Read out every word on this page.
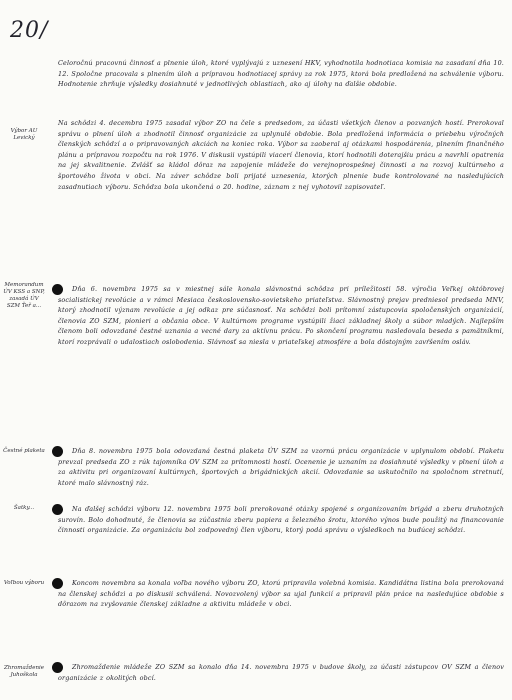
20/
Celoročnú pracovnú činnosť a plnenie úloh, ktoré vyplývajú z uznesení HKV, vyhodnotila hodnotiaca komisia na zasadaní dňa 10. 12. Spoločne pracovala s plnením úloh a prípravou hodnotiacej správy za rok 1975, ktorá bola predložená na schválenie výboru. Hodnotenie zhrňuje výsledky dosiahnuté v jednotlivých oblastiach, ako aj úlohy na ďalšie obdobie.
Výbor AU Levický
Na schôdzi 4. decembra 1975 zasadal výbor ZO na čele s predsedom, za účasti všetkých členov a pozvaných hostí. Prerokoval správu o plnení úloh a zhodnotil činnosť organizácie za uplynulé obdobie. Bola predložená informácia o priebehu výročných členských schôdzí a o pripravovaných akciách na koniec roka. Výbor sa zaoberal aj otázkami hospodárenia, plnením finančného plánu a prípravou rozpočtu na rok 1976. V diskusii vystúpili viacerí členovia, ktorí hodnotili doterajšiu prácu a navrhli opatrenia na jej skvalitnenie. Zvlášť sa kládol dôraz na zapojenie mládeže do verejnoprospešnej činnosti a na rozvoj kultúrneho a športového života v obci. Na záver schôdze boli prijaté uznesenia, ktorých plnenie bude kontrolované na nasledujúcich zasadnutiach výboru. Schôdza bola ukončená o 20. hodine, záznam z nej vyhotovil zapisovateľ.
Memorandum ÚV KSS a SNP, zasadá ÚV SZM Ťeř a...
Dňa 6. novembra 1975 sa v miestnej sále konala slávnostná schôdza pri príležitosti 58. výročia Veľkej októbrovej socialistickej revolúcie a v rámci Mesiaca československo-sovietskeho priateľstva. Slávnostný prejav predniesol predseda MNV, ktorý zhodnotil význam revolúcie a jej odkaz pre súčasnosť. Na schôdzi boli prítomní zástupcovia spoločenských organizácií, členovia ZO SZM, pionieri a občania obce. V kultúrnom programe vystúpili žiaci základnej školy a súbor mladých. Najlepším členom boli odovzdané čestné uznania a vecné dary za aktívnu prácu. Po skončení programu nasledovala beseda s pamätníkmi, ktorí rozprávali o udalostiach oslobodenia. Slávnosť sa niesla v priateľskej atmosfére a bola dôstojným zavŕšením osláv.
Čestné plaketa	Dňa 8. novembra 1975 bola odovzdaná čestná plaketa ÚV SZM za vzornú prácu organizácie v uplynulom období. Plaketu prevzal predseda ZO z rúk tajomníka OV SZM za prítomnosti hostí. Ocenenie je uznaním za dosiahnuté výsledky v plnení úloh a za aktivitu pri organizovaní kultúrnych, športových a brigádnických akcií. Odovzdanie sa uskutočnilo na spoločnom stretnutí, ktoré malo slávnostný ráz.
Šatky...	Na ďalšej schôdzi výboru 12. novembra 1975 boli prerokované otázky spojené s organizovaním brigád a zberu druhotných surovín. Bolo dohodnuté, že členovia sa zúčastnia zberu papiera a železného šrotu, ktorého výnos bude použitý na financovanie činnosti organizácie. Za organizáciu bol zodpovedný člen výboru, ktorý podá správu o výsledkoch na budúcej schôdzi.
Voľbou výboru	Koncom novembra sa konala voľba nového výboru ZO, ktorú pripravila volebná komisia. Kandidátna listina bola prerokovaná na členskej schôdzi a po diskusii schválená. Novozvolený výbor sa ujal funkcií a pripravil plán práce na nasledujúce obdobie s dôrazom na zvyšovanie členskej základne a aktivitu mládeže v obci.
Zhromaždenie Juhoškola
Zhromaždenie mládeže ZO SZM sa konalo dňa 14. novembra 1975 v budove školy, za účasti zástupcov OV SZM a členov organizácie z okolitých obcí.
